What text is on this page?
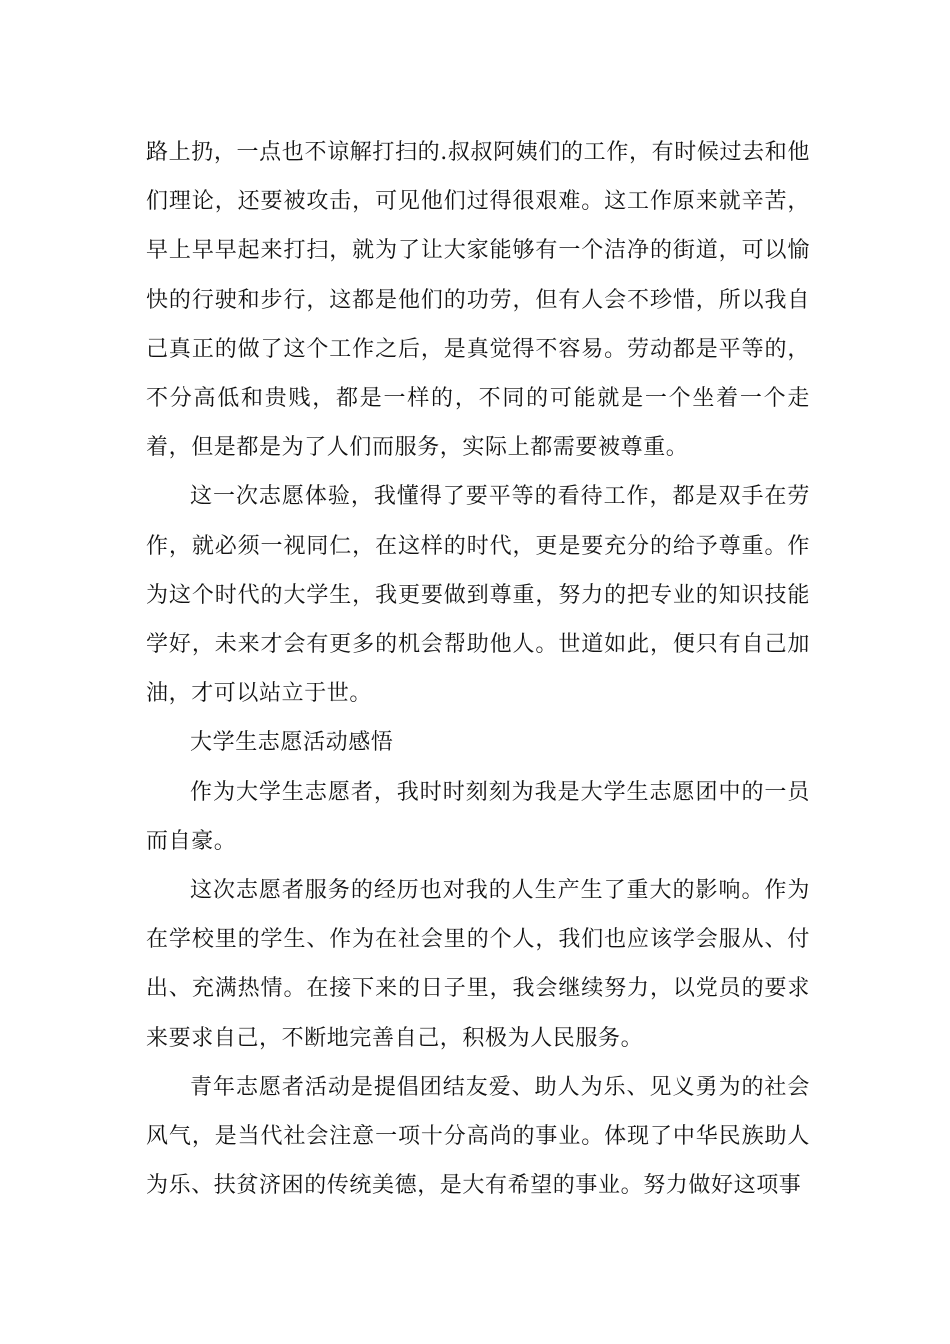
路上扔，一点也不谅解打扫的.叔叔阿姨们的工作，有时候过去和他们理论，还要被攻击，可见他们过得很艰难。这工作原来就辛苦，早上早早起来打扫，就为了让大家能够有一个洁净的街道，可以愉快的行驶和步行，这都是他们的功劳，但有人会不珍惜，所以我自己真正的做了这个工作之后，是真觉得不容易。劳动都是平等的，不分高低和贵贱，都是一样的，不同的可能就是一个坐着一个走着，但是都是为了人们而服务，实际上都需要被尊重。

这一次志愿体验，我懂得了要平等的看待工作，都是双手在劳作，就必须一视同仁，在这样的时代，更是要充分的给予尊重。作为这个时代的大学生，我更要做到尊重，努力的把专业的知识技能学好，未来才会有更多的机会帮助他人。世道如此，便只有自己加油，才可以站立于世。

大学生志愿活动感悟

作为大学生志愿者，我时时刻刻为我是大学生志愿团中的一员而自豪。

这次志愿者服务的经历也对我的人生产生了重大的影响。作为在学校里的学生、作为在社会里的个人，我们也应该学会服从、付出、充满热情。在接下来的日子里，我会继续努力，以党员的要求来要求自己，不断地完善自己，积极为人民服务。

青年志愿者活动是提倡团结友爱、助人为乐、见义勇为的社会风气，是当代社会注意一项十分高尚的事业。体现了中华民族助人为乐、扶贫济困的传统美德，是大有希望的事业。努力做好这项事
